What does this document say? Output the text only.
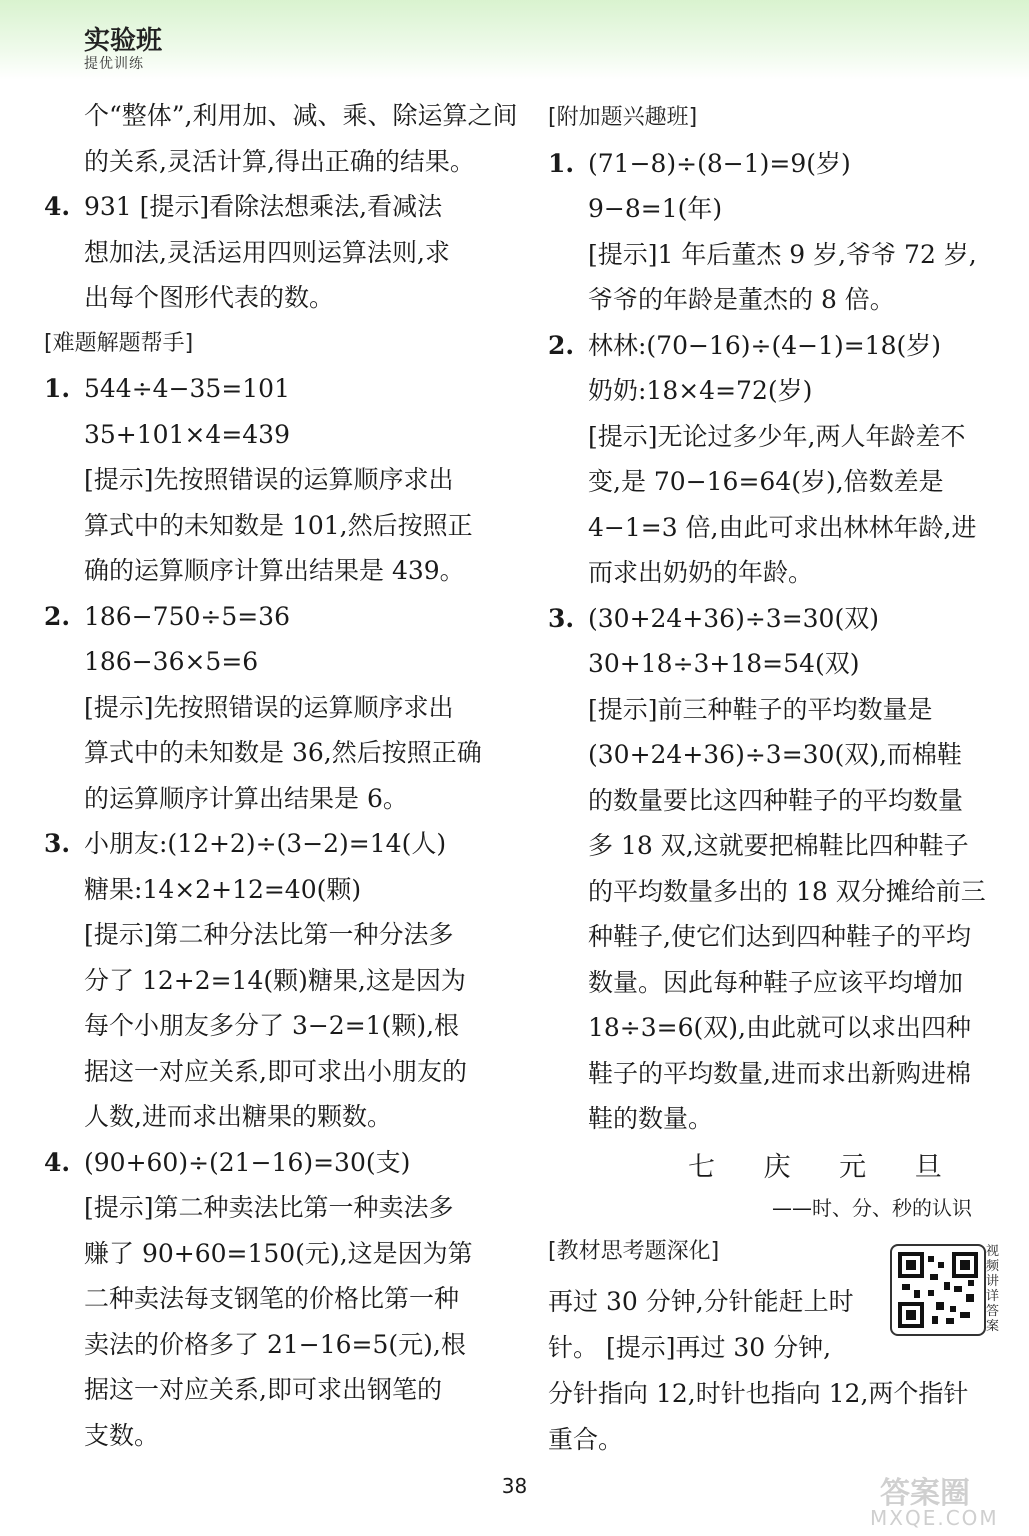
实验班
提优训练
个“整体”,利用加、减、乘、除运算之间
的关系,灵活计算,得出正确的结果。
4. 931 [提示]看除法想乘法,看减法
想加法,灵活运用四则运算法则,求
出每个图形代表的数。
[难题解题帮手]
1. 544÷4−35=101
35+101×4=439
[提示]先按照错误的运算顺序求出
算式中的未知数是 101,然后按照正
确的运算顺序计算出结果是 439。
2. 186−750÷5=36
186−36×5=6
[提示]先按照错误的运算顺序求出
算式中的未知数是 36,然后按照正确
的运算顺序计算出结果是 6。
3. 小朋友:(12+2)÷(3−2)=14(人)
糖果:14×2+12=40(颗)
[提示]第二种分法比第一种分法多
分了 12+2=14(颗)糖果,这是因为
每个小朋友多分了 3−2=1(颗),根
据这一对应关系,即可求出小朋友的
人数,进而求出糖果的颗数。
4. (90+60)÷(21−16)=30(支)
[提示]第二种卖法比第一种卖法多
赚了 90+60=150(元),这是因为第
二种卖法每支钢笔的价格比第一种
卖法的价格多了 21−16=5(元),根
据这一对应关系,即可求出钢笔的
支数。
[附加题兴趣班]
1. (71−8)÷(8−1)=9(岁)
9−8=1(年)
[提示]1 年后董杰 9 岁,爷爷 72 岁,
爷爷的年龄是董杰的 8 倍。
2. 林林:(70−16)÷(4−1)=18(岁)
奶奶:18×4=72(岁)
[提示]无论过多少年,两人年龄差不
变,是 70−16=64(岁),倍数差是
4−1=3 倍,由此可求出林林年龄,进
而求出奶奶的年龄。
3. (30+24+36)÷3=30(双)
30+18÷3+18=54(双)
[提示]前三种鞋子的平均数量是
(30+24+36)÷3=30(双),而棉鞋
的数量要比这四种鞋子的平均数量
多 18 双,这就要把棉鞋比四种鞋子
的平均数量多出的 18 双分摊给前三
种鞋子,使它们达到四种鞋子的平均
数量。因此每种鞋子应该平均增加
18÷3=6(双),由此就可以求出四种
鞋子的平均数量,进而求出新购进棉
鞋的数量。
七 庆 元 旦
——时、分、秒的认识
[教材思考题深化]
再过 30 分钟,分针能赶上时
针。 [提示]再过 30 分钟,
分针指向 12,时针也指向 12,两个指针
重合。
视频讲详答案
38	答案圈
MXQE.COM
